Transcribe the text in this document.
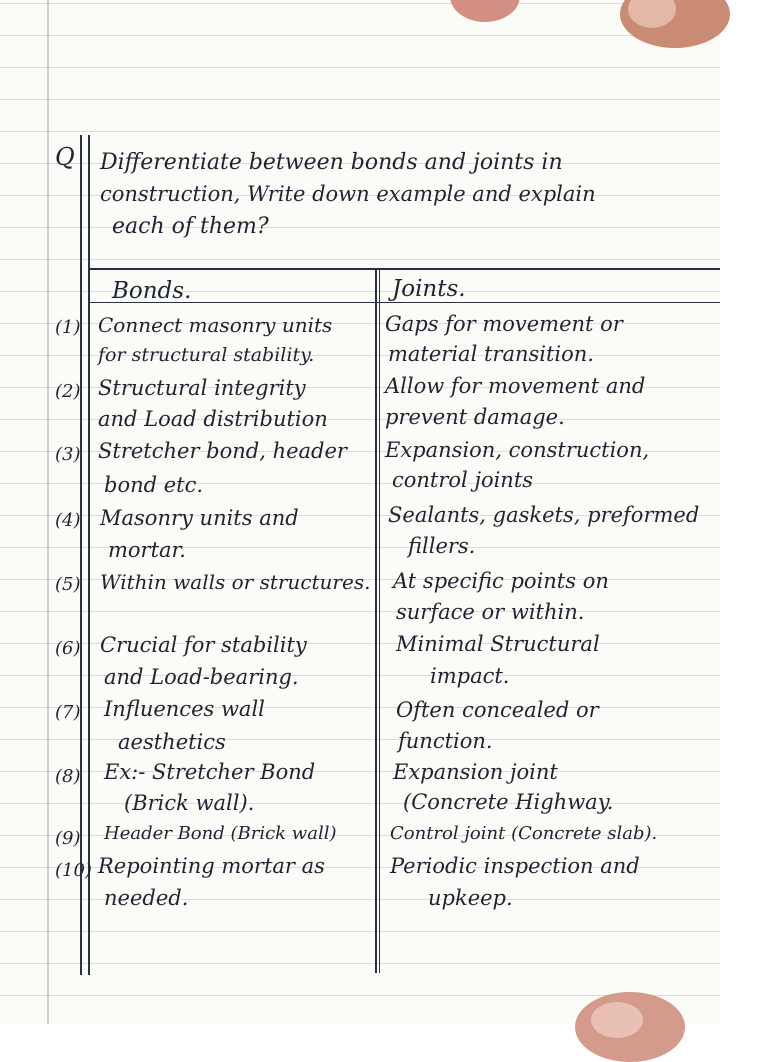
Q Differentiate between bonds and joints in
construction, Write down example and explain
each of them?
Bonds.	Joints.
(1) Connect masonry units
for structural stability.
Gaps for movement or
material transition.
(2) Structural integrity
and Load distribution
Allow for movement and
prevent damage.
(3) Stretcher bond, header
bond etc.
Expansion, construction,
control joints
(4) Masonry units and
mortar.
Sealants, gaskets, preformed
fillers.
(5) Within walls or structures. At specific points on
surface or within.
(6) Crucial for stability
and Load-bearing.
Minimal Structural
impact.
(7) Influences wall
aesthetics
Often concealed or
function.
(8) Ex:- Stretcher Bond
(Brick wall).
Expansion joint
(Concrete Highway.
(9) Header Bond (Brick wall)	Control joint (Concrete slab).
(10) Repointing mortar as
needed.
Periodic inspection and
upkeep.
